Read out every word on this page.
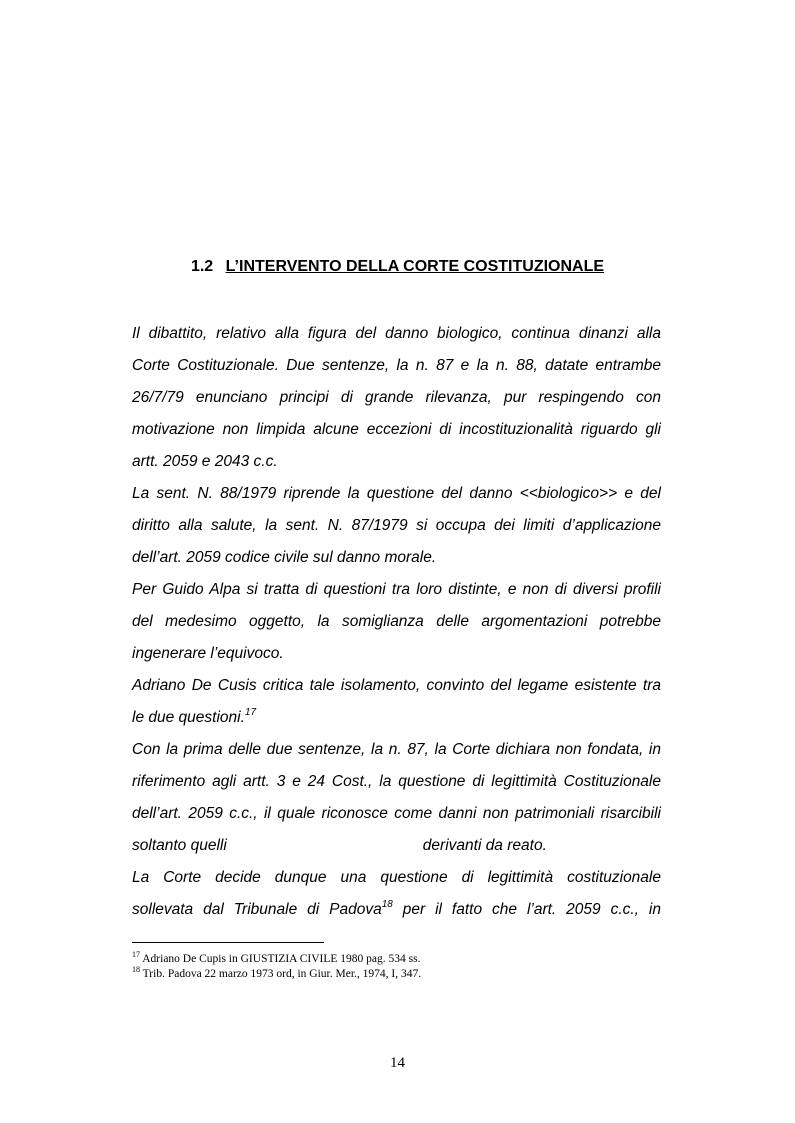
1.2 L’INTERVENTO DELLA CORTE COSTITUZIONALE
Il dibattito, relativo alla figura del danno biologico, continua dinanzi alla
Corte Costituzionale. Due sentenze, la n. 87 e la n. 88, datate entrambe
26/7/79 enunciano principi di grande rilevanza, pur respingendo con
motivazione non limpida alcune eccezioni di incostituzionalità riguardo gli
artt. 2059 e 2043 c.c.
La sent. N. 88/1979 riprende la questione del danno <<biologico>> e del
diritto alla salute, la sent. N. 87/1979 si occupa dei limiti d’applicazione
dell’art. 2059 codice civile sul danno morale.
Per Guido Alpa si tratta di questioni tra loro distinte, e non di diversi profili
del medesimo oggetto, la somiglianza delle argomentazioni potrebbe
ingenerare l’equivoco.
Adriano De Cusis critica tale isolamento, convinto del legame esistente tra
le due questioni.$^{17}$
Con la prima delle due sentenze, la n. 87, la Corte dichiara non fondata, in
riferimento agli artt. 3 e 24 Cost., la questione di legittimità Costituzionale
dell’art. 2059 c.c., il quale riconosce come danni non patrimoniali risarcibili
soltanto quelli	derivanti da reato.
La Corte decide dunque una questione di legittimità costituzionale
sollevata dal Tribunale di Padova$^{18}$ per il fatto che l’art. 2059 c.c., in
$^{17}$ Adriano De Cupis in GIUSTIZIA CIVILE 1980 pag. 534 ss.
$^{18}$ Trib. Padova 22 marzo 1973 ord, in Giur. Mer., 1974, I, 347.
14
